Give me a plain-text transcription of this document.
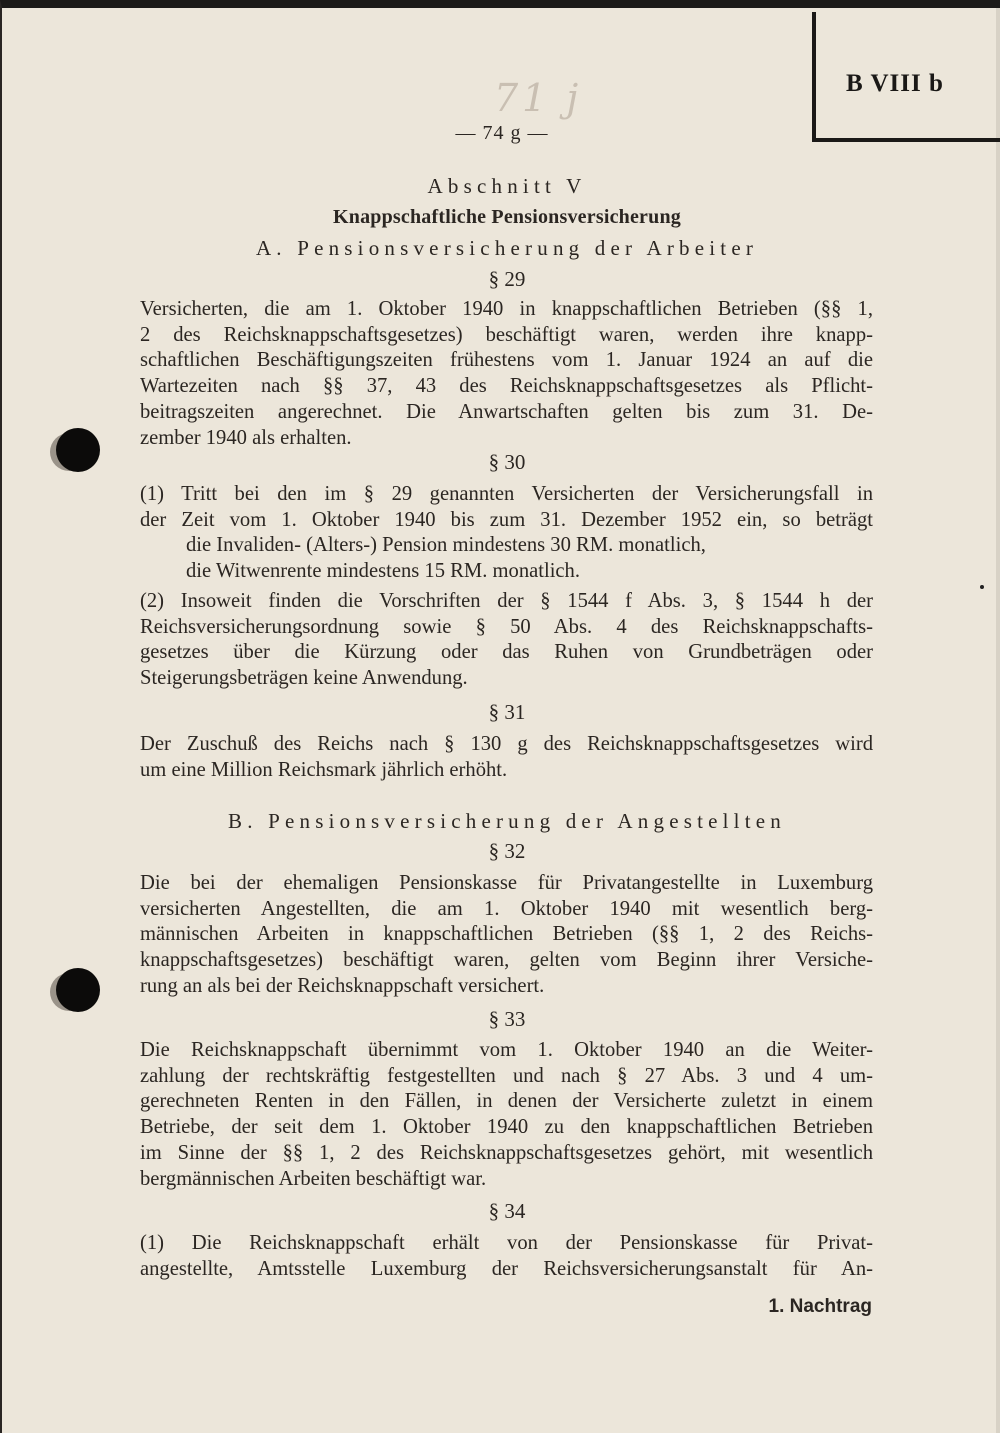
B VIII b
— 74 g —
71 j
Abschnitt V
Knappschaftliche Pensionsversicherung
A. Pensionsversicherung der Arbeiter
§ 29
Versicherten, die am 1. Oktober 1940 in knappschaftlichen Betrieben (§§ 1,
2 des Reichsknappschaftsgesetzes) beschäftigt waren, werden ihre knapp-
schaftlichen Beschäftigungszeiten frühestens vom 1. Januar 1924 an auf die
Wartezeiten nach §§ 37, 43 des Reichsknappschaftsgesetzes als Pflicht-
beitragszeiten angerechnet. Die Anwartschaften gelten bis zum 31. De-
zember 1940 als erhalten.
§ 30
(1) Tritt bei den im § 29 genannten Versicherten der Versicherungsfall in
der Zeit vom 1. Oktober 1940 bis zum 31. Dezember 1952 ein, so beträgt
die Invaliden- (Alters-) Pension mindestens 30 RM. monatlich,
die Witwenrente mindestens 15 RM. monatlich.
(2) Insoweit finden die Vorschriften der § 1544 f Abs. 3, § 1544 h der
Reichsversicherungsordnung sowie § 50 Abs. 4 des Reichsknappschafts-
gesetzes über die Kürzung oder das Ruhen von Grundbeträgen oder
Steigerungsbeträgen keine Anwendung.
§ 31
Der Zuschuß des Reichs nach § 130 g des Reichsknappschaftsgesetzes wird
um eine Million Reichsmark jährlich erhöht.
B. Pensionsversicherung der Angestellten
§ 32
Die bei der ehemaligen Pensionskasse für Privatangestellte in Luxemburg
versicherten Angestellten, die am 1. Oktober 1940 mit wesentlich berg-
männischen Arbeiten in knappschaftlichen Betrieben (§§ 1, 2 des Reichs-
knappschaftsgesetzes) beschäftigt waren, gelten vom Beginn ihrer Versiche-
rung an als bei der Reichsknappschaft versichert.
§ 33
Die Reichsknappschaft übernimmt vom 1. Oktober 1940 an die Weiter-
zahlung der rechtskräftig festgestellten und nach § 27 Abs. 3 und 4 um-
gerechneten Renten in den Fällen, in denen der Versicherte zuletzt in einem
Betriebe, der seit dem 1. Oktober 1940 zu den knappschaftlichen Betrieben
im Sinne der §§ 1, 2 des Reichsknappschaftsgesetzes gehört, mit wesentlich
bergmännischen Arbeiten beschäftigt war.
§ 34
(1) Die Reichsknappschaft erhält von der Pensionskasse für Privat-
angestellte, Amtsstelle Luxemburg der Reichsversicherungsanstalt für An-
1. Nachtrag
